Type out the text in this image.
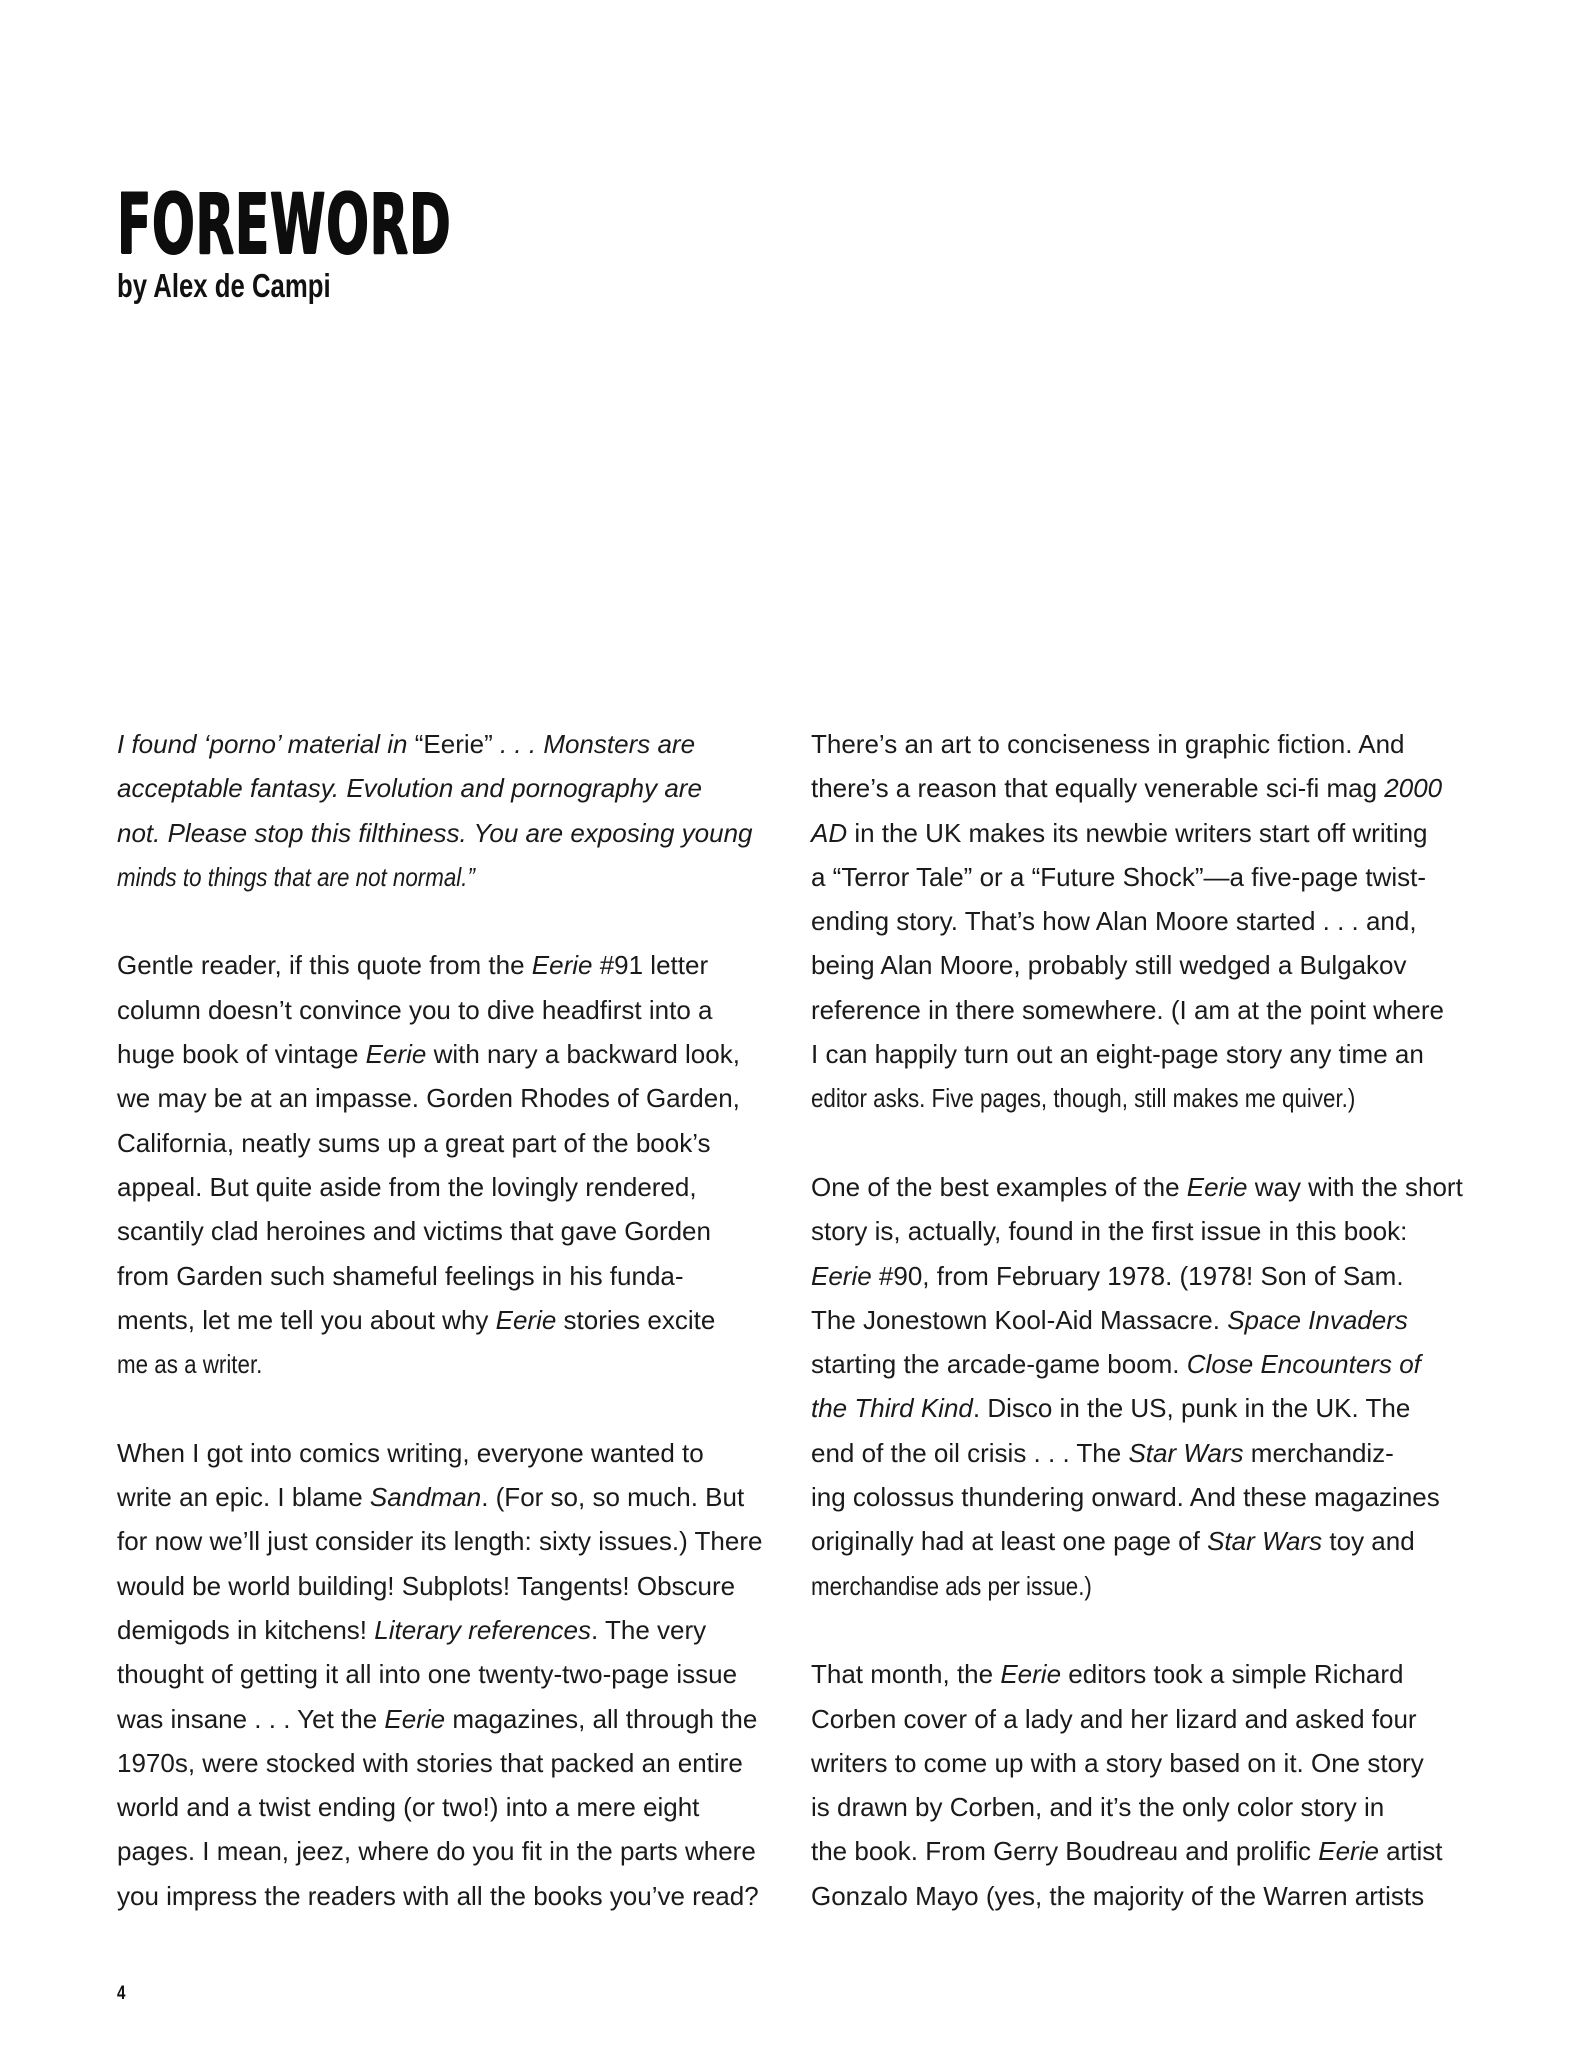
FOREWORD
by Alex de Campi
I found ‘porno’ material in “Eerie” . . . Monsters are
acceptable fantasy. Evolution and pornography are
not. Please stop this filthiness. You are exposing young
minds to things that are not normal.”
Gentle reader, if this quote from the Eerie #91 letter
column doesn’t convince you to dive headfirst into a
huge book of vintage Eerie with nary a backward look,
we may be at an impasse. Gorden Rhodes of Garden,
California, neatly sums up a great part of the book’s
appeal. But quite aside from the lovingly rendered,
scantily clad heroines and victims that gave Gorden
from Garden such shameful feelings in his funda-
ments, let me tell you about why Eerie stories excite
me as a writer.
When I got into comics writing, everyone wanted to
write an epic. I blame Sandman. (For so, so much. But
for now we’ll just consider its length: sixty issues.) There
would be world building! Subplots! Tangents! Obscure
demigods in kitchens! Literary references. The very
thought of getting it all into one twenty-two-page issue
was insane . . . Yet the Eerie magazines, all through the
1970s, were stocked with stories that packed an entire
world and a twist ending (or two!) into a mere eight
pages. I mean, jeez, where do you fit in the parts where
you impress the readers with all the books you’ve read?
There’s an art to conciseness in graphic fiction. And
there’s a reason that equally venerable sci-fi mag 2000
AD in the UK makes its newbie writers start off writing
a “Terror Tale” or a “Future Shock”—a five-page twist-
ending story. That’s how Alan Moore started . . . and,
being Alan Moore, probably still wedged a Bulgakov
reference in there somewhere. (I am at the point where
I can happily turn out an eight-page story any time an
editor asks. Five pages, though, still makes me quiver.)
One of the best examples of the Eerie way with the short
story is, actually, found in the first issue in this book:
Eerie #90, from February 1978. (1978! Son of Sam.
The Jonestown Kool-Aid Massacre. Space Invaders
starting the arcade-game boom. Close Encounters of
the Third Kind. Disco in the US, punk in the UK. The
end of the oil crisis . . . The Star Wars merchandiz-
ing colossus thundering onward. And these magazines
originally had at least one page of Star Wars toy and
merchandise ads per issue.)
That month, the Eerie editors took a simple Richard
Corben cover of a lady and her lizard and asked four
writers to come up with a story based on it. One story
is drawn by Corben, and it’s the only color story in
the book. From Gerry Boudreau and prolific Eerie artist
Gonzalo Mayo (yes, the majority of the Warren artists
4
